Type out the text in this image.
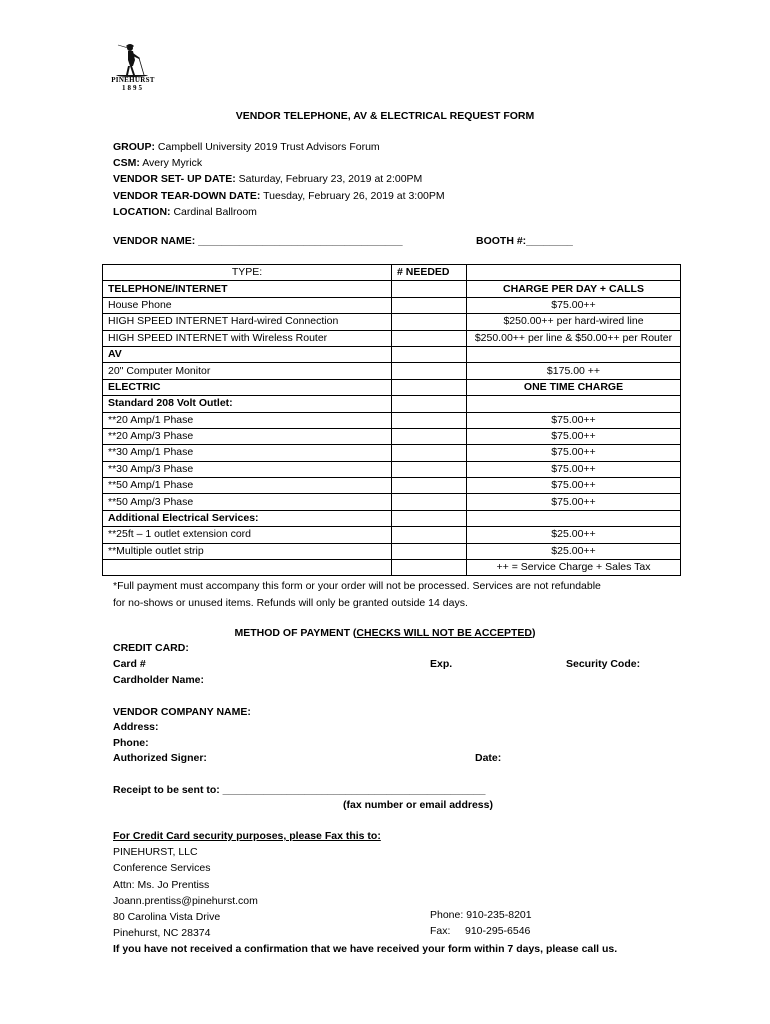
PINEHURST
1895
VENDOR TELEPHONE, AV & ELECTRICAL REQUEST FORM
GROUP: Campbell University 2019 Trust Advisors Forum
CSM: Avery Myrick
VENDOR SET- UP DATE: Saturday, February 23, 2019 at 2:00PM
VENDOR TEAR-DOWN DATE: Tuesday, February 26, 2019 at 3:00PM
LOCATION: Cardinal Ballroom
VENDOR NAME: ___________________________________	BOOTH #:________
TYPE:	# NEEDED	
TELEPHONE/INTERNET		CHARGE PER DAY + CALLS
House Phone		$75.00++
HIGH SPEED INTERNET Hard-wired Connection		$250.00++ per hard-wired line
HIGH SPEED INTERNET with Wireless Router		$250.00++ per line & $50.00++ per Router
AV		
20" Computer Monitor		$175.00 ++
ELECTRIC		ONE TIME CHARGE
Standard 208 Volt Outlet:		
**20 Amp/1 Phase		$75.00++
**20 Amp/3 Phase		$75.00++
**30 Amp/1 Phase		$75.00++
**30 Amp/3 Phase		$75.00++
**50 Amp/1 Phase		$75.00++
**50 Amp/3 Phase		$75.00++
Additional Electrical Services:		
**25ft – 1 outlet extension cord		$25.00++
**Multiple outlet strip		$25.00++
		++ = Service Charge + Sales Tax
*Full payment must accompany this form or your order will not be processed. Services are not refundable
for no-shows or unused items. Refunds will only be granted outside 14 days.
METHOD OF PAYMENT (CHECKS WILL NOT BE ACCEPTED)
CREDIT CARD:
Card #	Exp.	Security Code:
Cardholder Name:
VENDOR COMPANY NAME:
Address:
Phone:
Authorized Signer:	Date:
Receipt to be sent to: _____________________________________________
(fax number or email address)
For Credit Card security purposes, please Fax this to:
PINEHURST, LLC
Conference Services
Attn: Ms. Jo Prentiss
Joann.prentiss@pinehurst.com
80 Carolina Vista Drive
Pinehurst, NC 28374
If you have not received a confirmation that we have received your form within 7 days, please call us.
Phone: 910-235-8201
Fax:     910-295-6546
